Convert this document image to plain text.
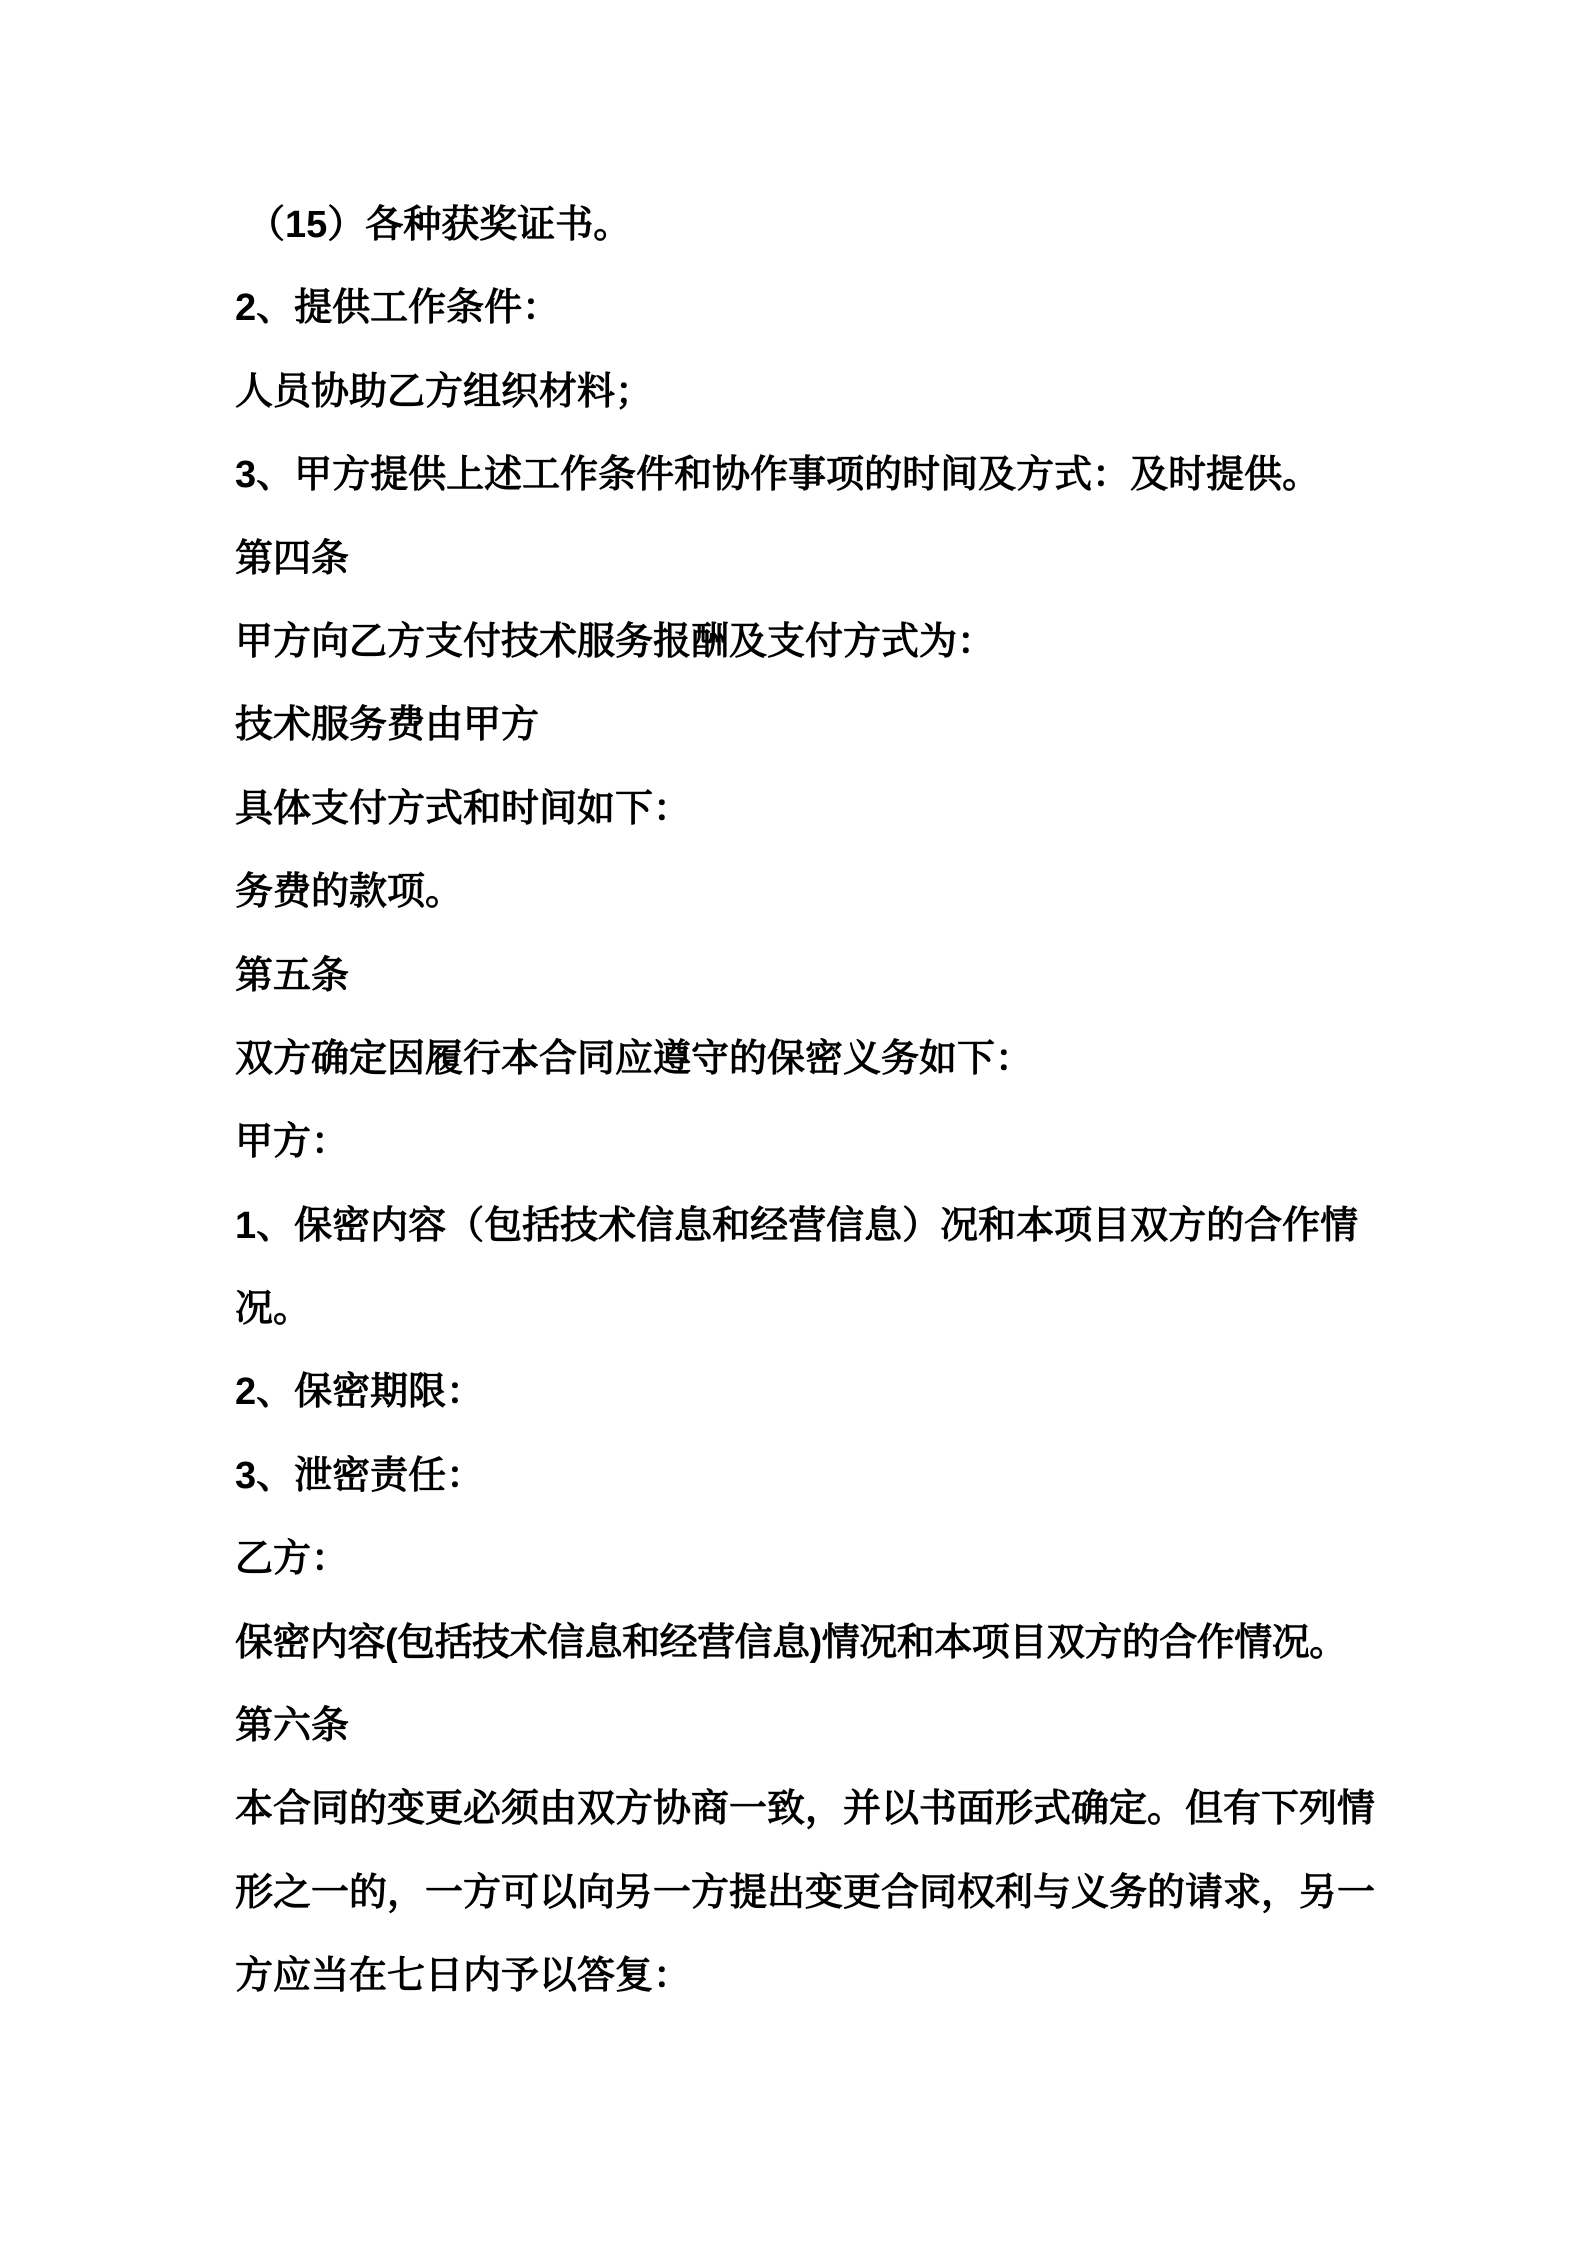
（15）各种获奖证书。
2、提供工作条件：
人员协助乙方组织材料；
3、甲方提供上述工作条件和协作事项的时间及方式：及时提供。
第四条
甲方向乙方支付技术服务报酬及支付方式为：
技术服务费由甲方
具体支付方式和时间如下：
务费的款项。
第五条
双方确定因履行本合同应遵守的保密义务如下：
甲方：
1、保密内容（包括技术信息和经营信息）况和本项目双方的合作情
况。
2、保密期限：
3、泄密责任：
乙方：
保密内容(包括技术信息和经营信息)情况和本项目双方的合作情况。
第六条
本合同的变更必须由双方协商一致，并以书面形式确定。但有下列情
形之一的，一方可以向另一方提出变更合同权利与义务的请求，另一
方应当在七日内予以答复：
